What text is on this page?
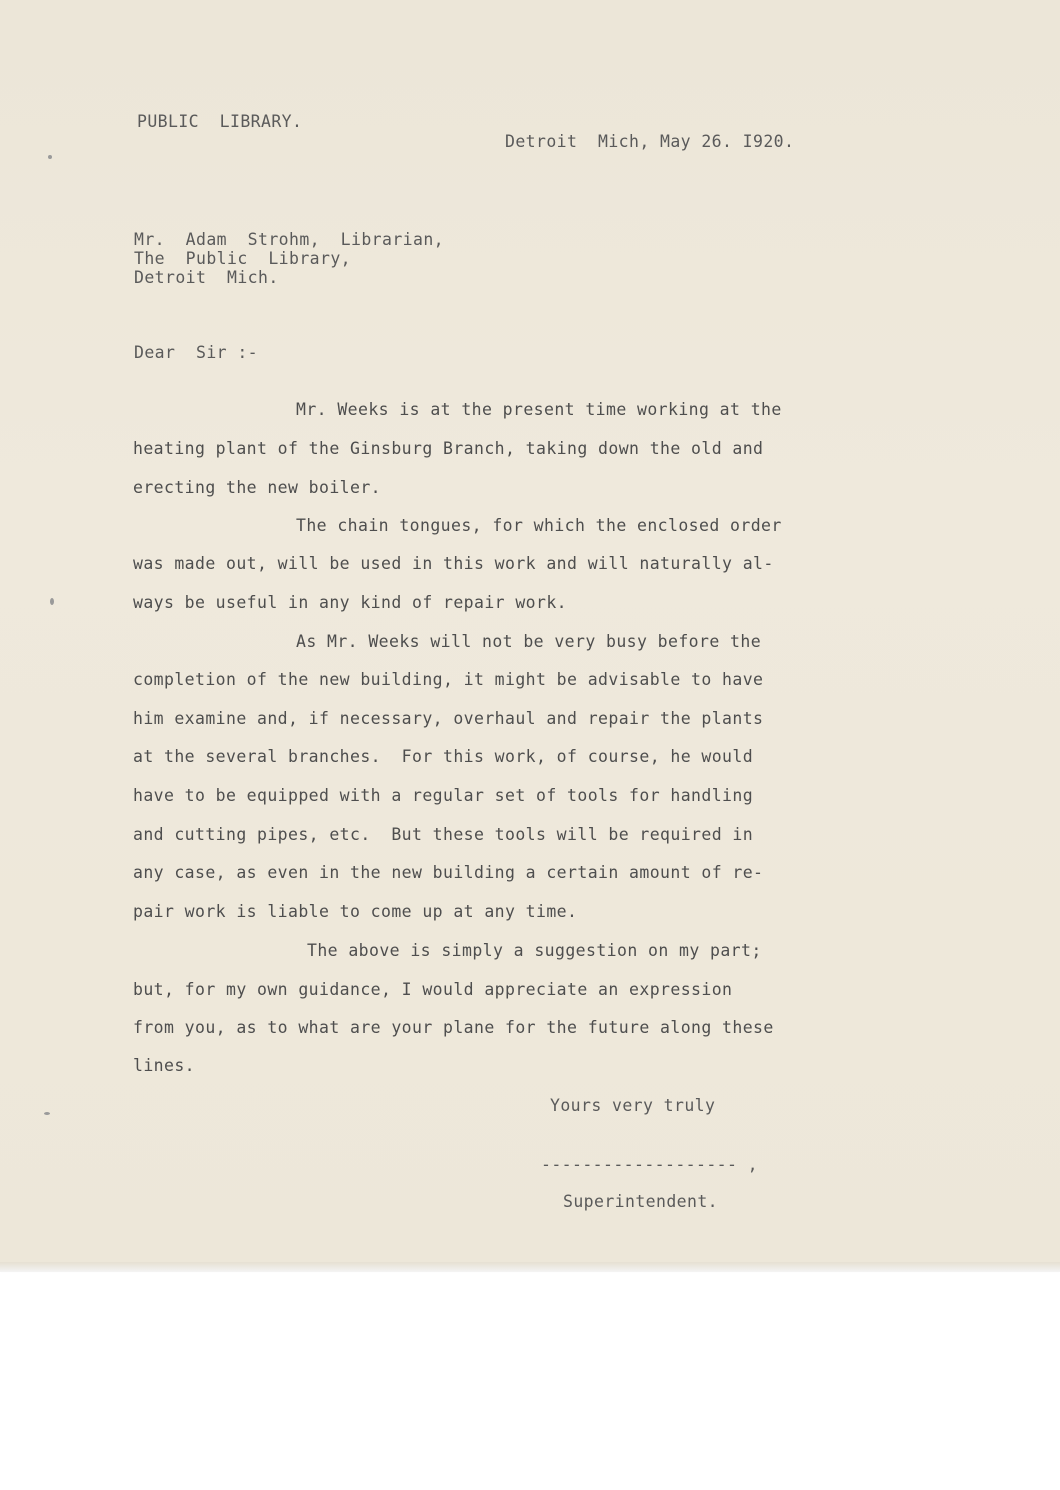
PUBLIC  LIBRARY.

Detroit  Mich, May 26. I920.

Mr.  Adam  Strohm,  Librarian,
The  Public  Library,
Detroit  Mich.

Dear  Sir :-

Mr. Weeks is at the present time working at the

heating plant of the Ginsburg Branch, taking down the old and

erecting the new boiler.

The chain tongues, for which the enclosed order

was made out, will be used in this work and will naturally al-

ways be useful in any kind of repair work.

As Mr. Weeks will not be very busy before the

completion of the new building, it might be advisable to have

him examine and, if necessary, overhaul and repair the plants

at the several branches.  For this work, of course, he would

have to be equipped with a regular set of tools for handling

and cutting pipes, etc.  But these tools will be required in

any case, as even in the new building a certain amount of re-

pair work is liable to come up at any time.

The above is simply a suggestion on my part;

but, for my own guidance, I would appreciate an expression

from you, as to what are your plane for the future along these

lines.

Yours very truly

------------------- ,

Superintendent.
